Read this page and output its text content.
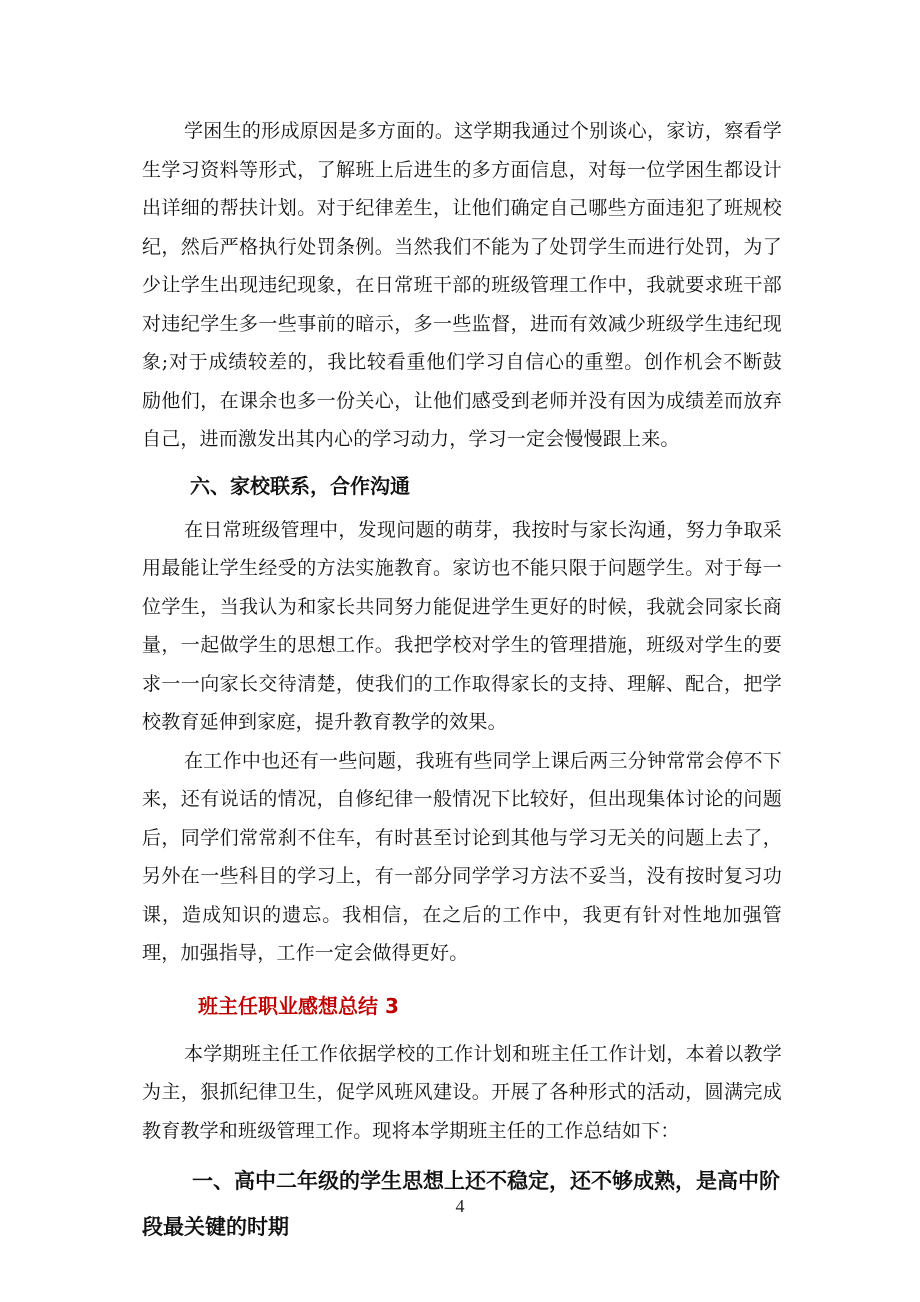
学困生的形成原因是多方面的。这学期我通过个别谈心，家访，察看学生学习资料等形式，了解班上后进生的多方面信息，对每一位学困生都设计出详细的帮扶计划。对于纪律差生，让他们确定自己哪些方面违犯了班规校纪，然后严格执行处罚条例。当然我们不能为了处罚学生而进行处罚，为了少让学生出现违纪现象，在日常班干部的班级管理工作中，我就要求班干部对违纪学生多一些事前的暗示，多一些监督，进而有效减少班级学生违纪现象;对于成绩较差的，我比较看重他们学习自信心的重塑。创作机会不断鼓励他们，在课余也多一份关心，让他们感受到老师并没有因为成绩差而放弃自己，进而激发出其内心的学习动力，学习一定会慢慢跟上来。

六、家校联系，合作沟通

在日常班级管理中，发现问题的萌芽，我按时与家长沟通，努力争取采用最能让学生经受的方法实施教育。家访也不能只限于问题学生。对于每一位学生，当我认为和家长共同努力能促进学生更好的时候，我就会同家长商量，一起做学生的思想工作。我把学校对学生的管理措施，班级对学生的要求一一向家长交待清楚，使我们的工作取得家长的支持、理解、配合，把学校教育延伸到家庭，提升教育教学的效果。

在工作中也还有一些问题，我班有些同学上课后两三分钟常常会停不下来，还有说话的情况，自修纪律一般情况下比较好，但出现集体讨论的问题后，同学们常常刹不住车，有时甚至讨论到其他与学习无关的问题上去了，另外在一些科目的学习上，有一部分同学学习方法不妥当，没有按时复习功课，造成知识的遗忘。我相信，在之后的工作中，我更有针对性地加强管理，加强指导，工作一定会做得更好。

班主任职业感想总结 3

本学期班主任工作依据学校的工作计划和班主任工作计划，本着以教学为主，狠抓纪律卫生，促学风班风建设。开展了各种形式的活动，圆满完成教育教学和班级管理工作。现将本学期班主任的工作总结如下：

一、高中二年级的学生思想上还不稳定，还不够成熟，是高中阶段最关键的时期
4
